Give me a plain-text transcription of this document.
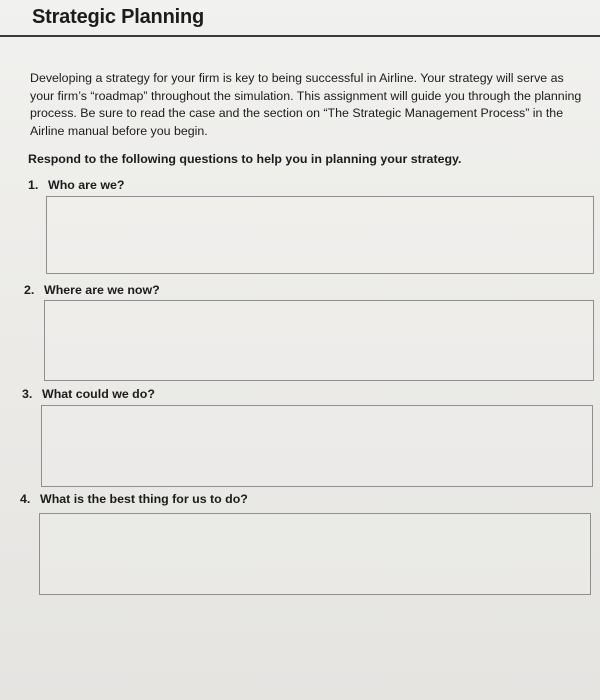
Strategic Planning
Developing a strategy for your firm is key to being successful in Airline. Your strategy will serve as your firm’s “roadmap” throughout the simulation. This assignment will guide you through the planning process. Be sure to read the case and the section on “The Strategic Management Process” in the Airline manual before you begin.
Respond to the following questions to help you in planning your strategy.
1. Who are we?
2. Where are we now?
3. What could we do?
4. What is the best thing for us to do?
